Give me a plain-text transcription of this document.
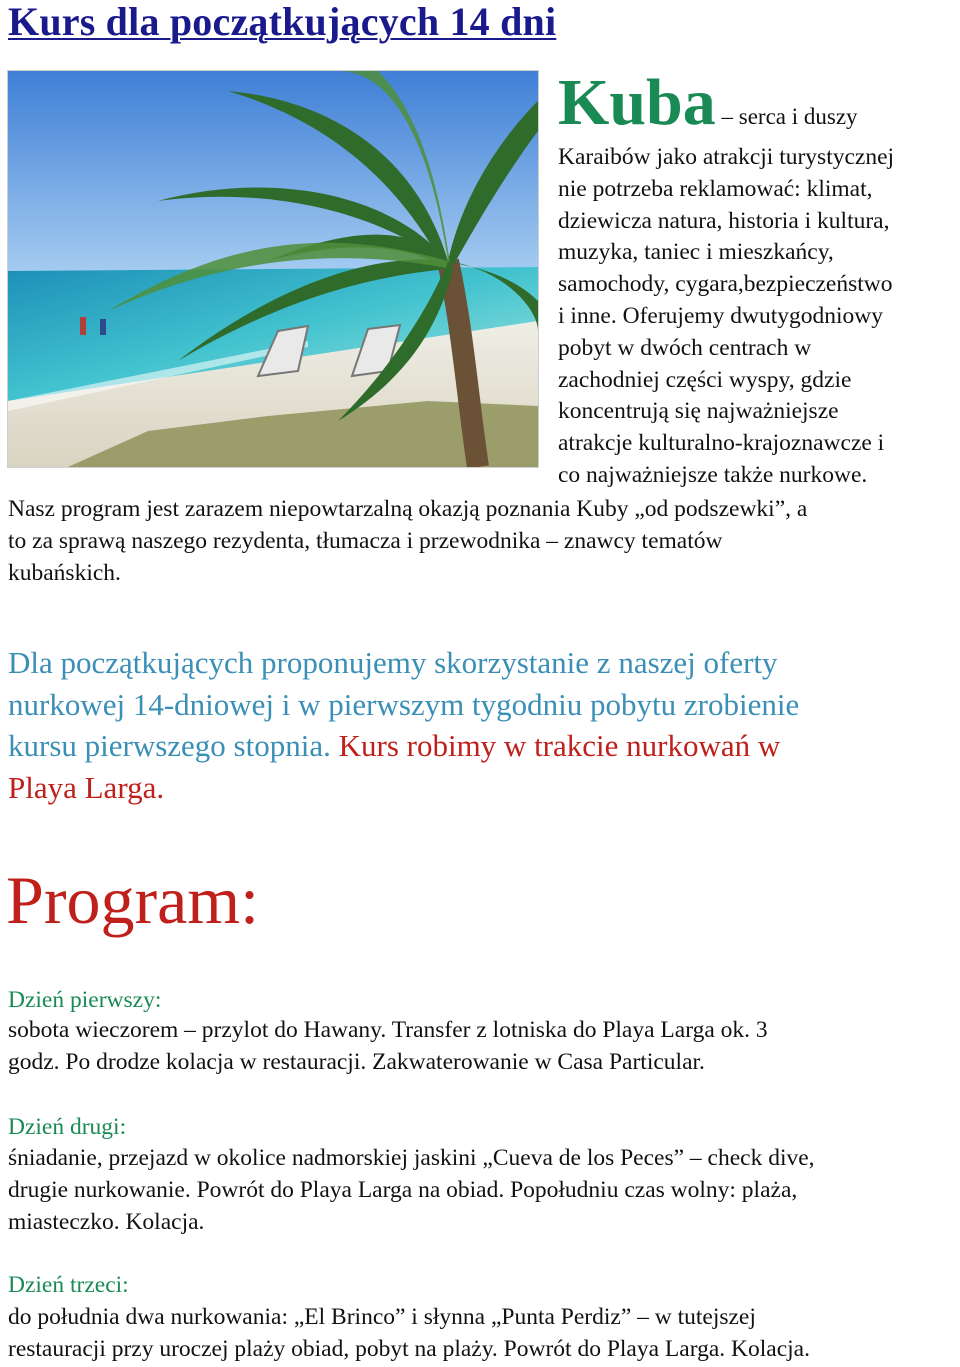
Kurs dla początkujących 14 dni
Kuba – serca i duszy
Karaibów jako atrakcji turystycznej
nie potrzeba reklamować: klimat,
dziewicza natura, historia i kultura,
muzyka, taniec i mieszkańcy,
samochody, cygara,bezpieczeństwo
i inne. Oferujemy dwutygodniowy
pobyt w dwóch centrach w
zachodniej części wyspy, gdzie
koncentrują się najważniejsze
atrakcje kulturalno-krajoznawcze i
co najważniejsze także nurkowe.
Nasz program jest zarazem niepowtarzalną okazją poznania Kuby „od podszewki”, a
to za sprawą naszego rezydenta, tłumacza i przewodnika – znawcy tematów
kubańskich.
Dla początkujących proponujemy skorzystanie z naszej oferty
nurkowej 14-dniowej i w pierwszym tygodniu pobytu zrobienie
kursu pierwszego stopnia. Kurs robimy w trakcie nurkowań w
Playa Larga.
Program:
Dzień pierwszy:
sobota wieczorem – przylot do Hawany. Transfer z lotniska do Playa Larga ok. 3
godz. Po drodze kolacja w restauracji. Zakwaterowanie w Casa Particular.
Dzień drugi:
śniadanie, przejazd w okolice nadmorskiej jaskini „Cueva de los Peces” – check dive,
drugie nurkowanie. Powrót do Playa Larga na obiad. Popołudniu czas wolny: plaża,
miasteczko. Kolacja.
Dzień trzeci:
do południa dwa nurkowania: „El Brinco” i słynna „Punta Perdiz” – w tutejszej
restauracji przy uroczej plaży obiad, pobyt na plaży. Powrót do Playa Larga. Kolacja.
